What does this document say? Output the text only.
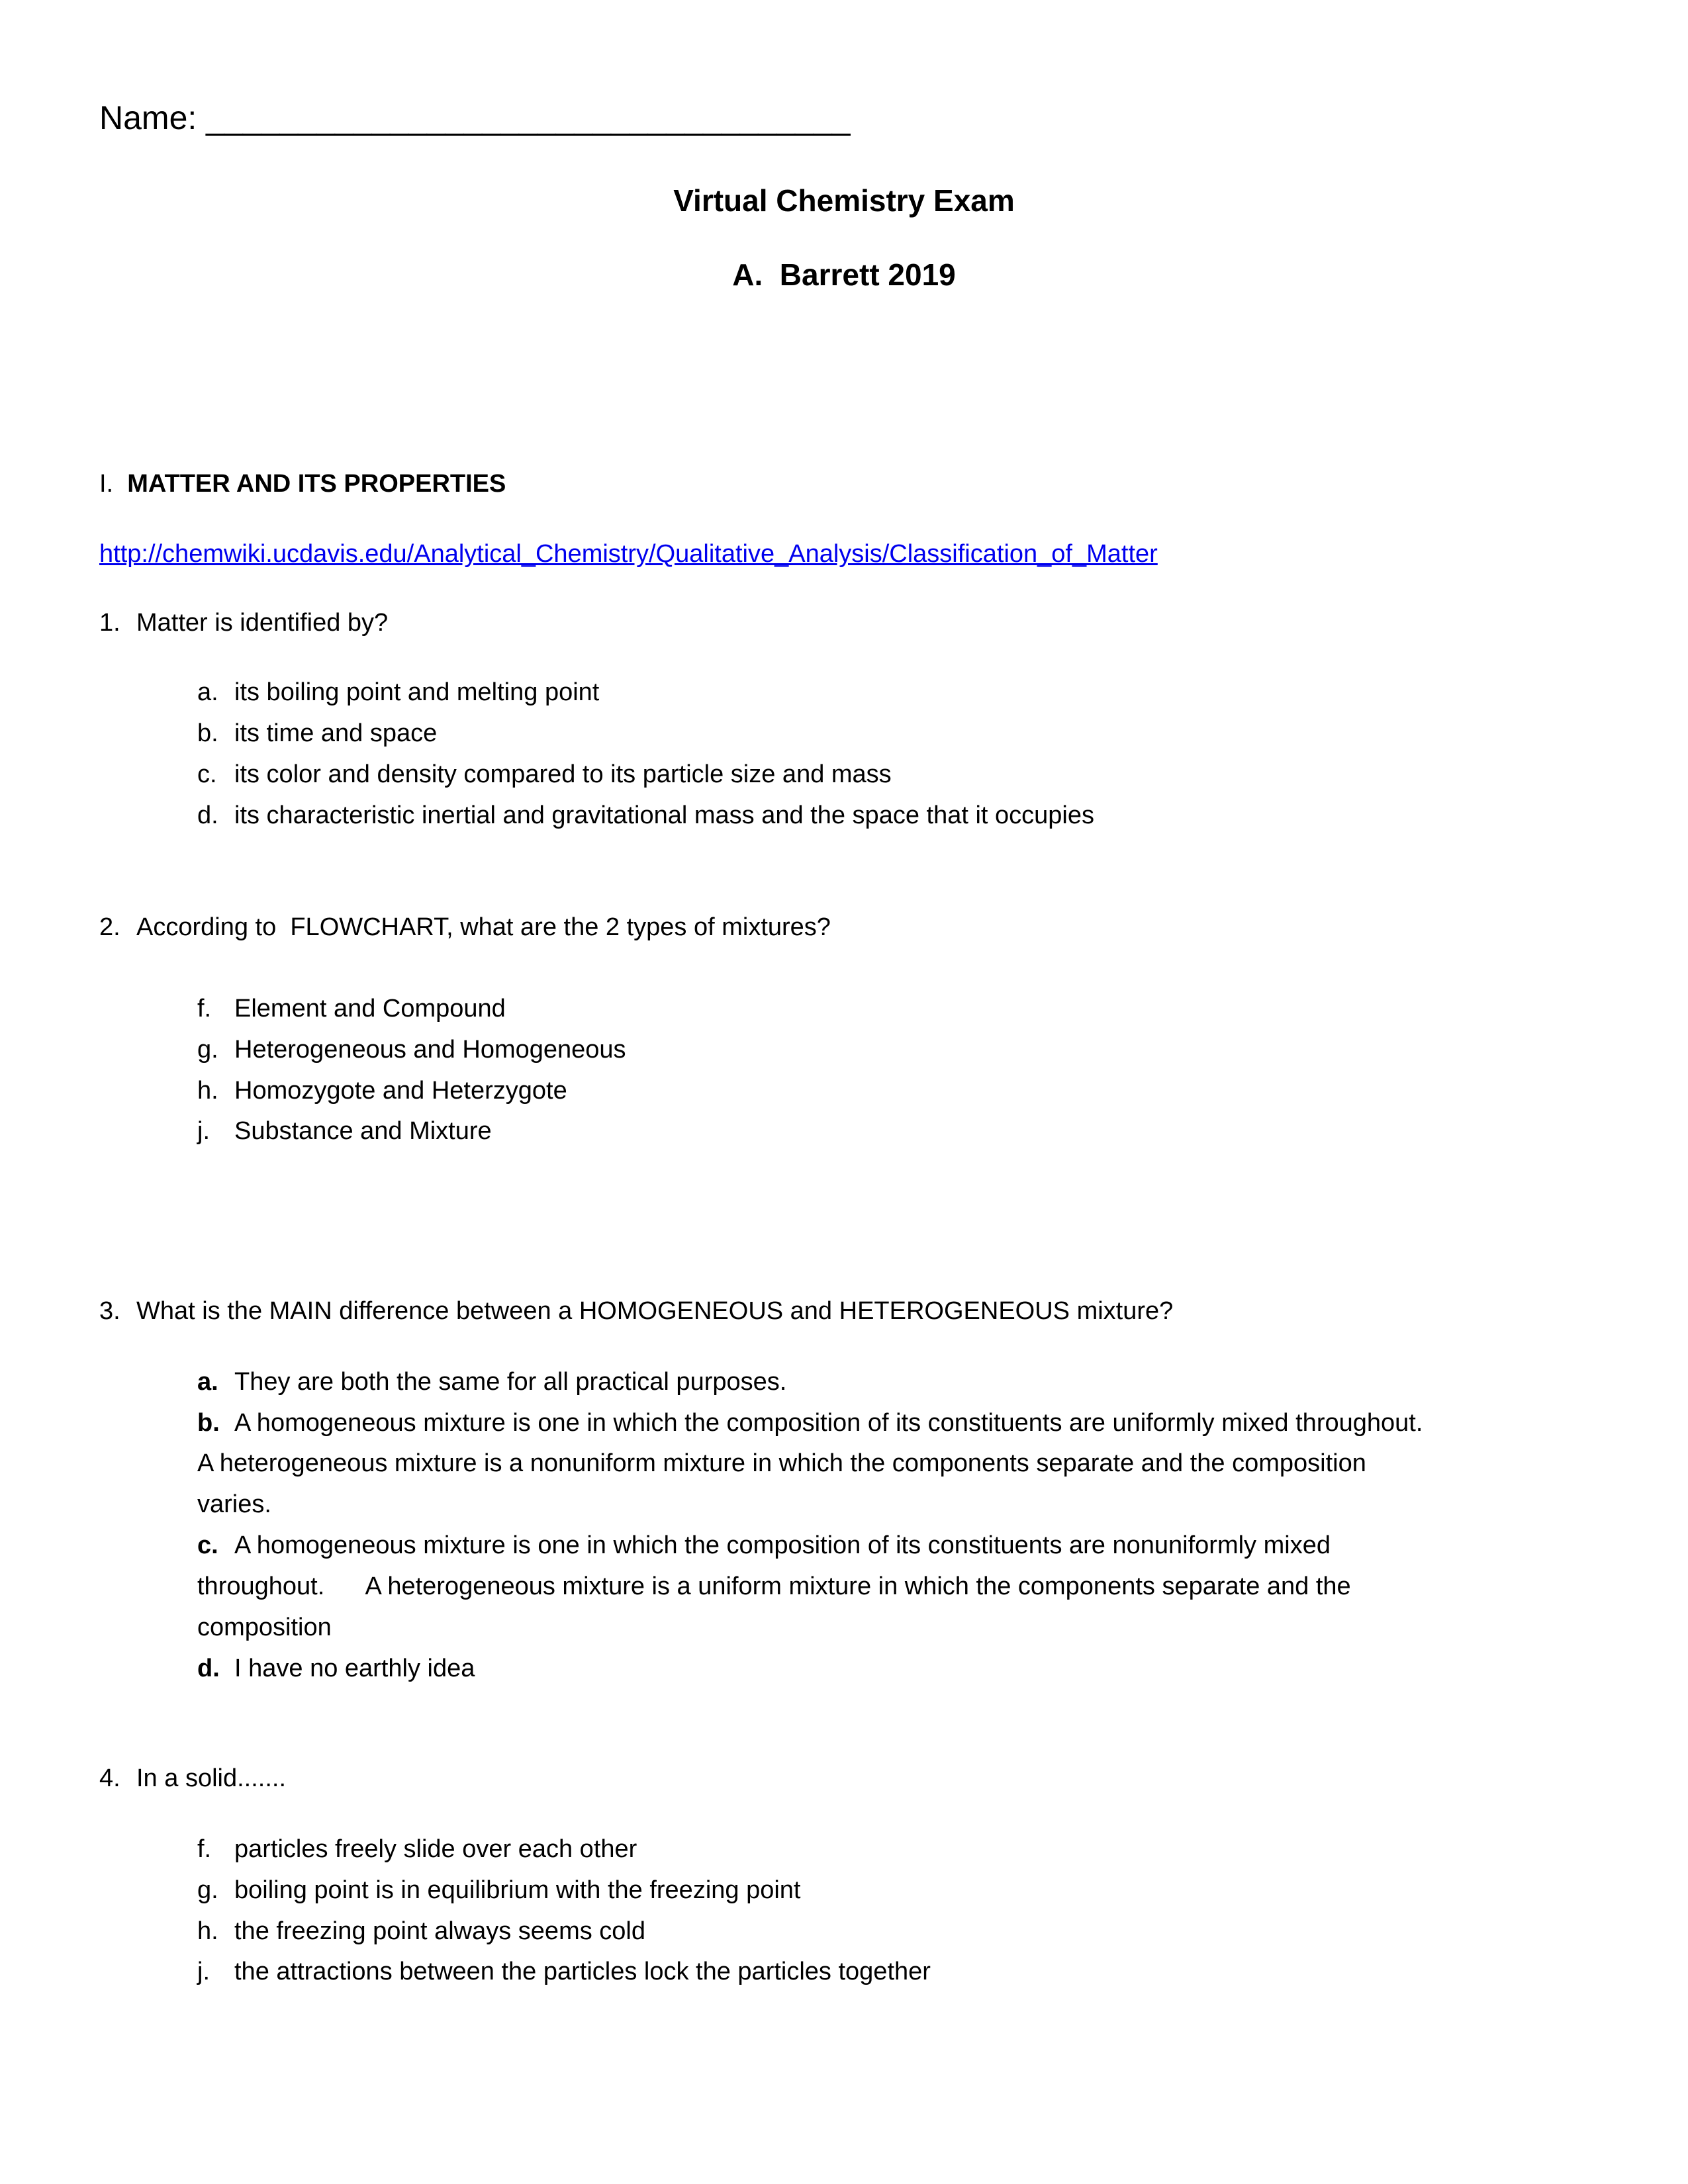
Name: ___________________________________
Virtual Chemistry Exam
A.  Barrett 2019
I.  MATTER AND ITS PROPERTIES
http://chemwiki.ucdavis.edu/Analytical_Chemistry/Qualitative_Analysis/Classification_of_Matter
1. Matter is identified by?
a. its boiling point and melting point
b. its time and space
c. its color and density compared to its particle size and mass
d. its characteristic inertial and gravitational mass and the space that it occupies
2. According to  FLOWCHART, what are the 2 types of mixtures?
f. Element and Compound
g. Heterogeneous and Homogeneous
h. Homozygote and Heterzygote
j. Substance and Mixture
3. What is the MAIN difference between a HOMOGENEOUS and HETEROGENEOUS mixture?
a. They are both the same for all practical purposes.
b. A homogeneous mixture is one in which the composition of its constituents are uniformly mixed throughout.
A heterogeneous mixture is a nonuniform mixture in which the components separate and the composition
varies.
c. A homogeneous mixture is one in which the composition of its constituents are nonuniformly mixed
throughout.      A heterogeneous mixture is a uniform mixture in which the components separate and the
composition
d. I have no earthly idea
4. In a solid.......
f. particles freely slide over each other
g. boiling point is in equilibrium with the freezing point
h. the freezing point always seems cold
j. the attractions between the particles lock the particles together
